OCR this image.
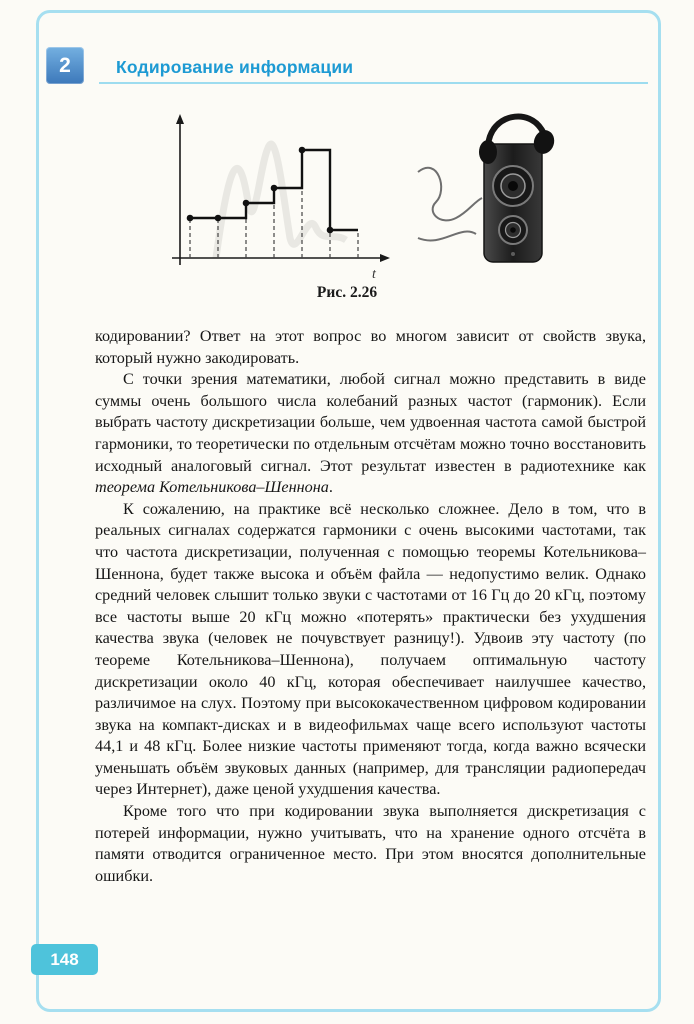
2	Кодирование информации
t
Рис. 2.26

кодировании? Ответ на этот вопрос во многом зависит от свойств звука, который нужно закодировать.

С точки зрения математики, любой сигнал можно представить в виде суммы очень большого числа колебаний разных частот (гармоник). Если выбрать частоту дискретизации больше, чем удвоенная частота самой быстрой гармоники, то теоретически по отдельным отсчётам можно точно восстановить исходный аналоговый сигнал. Этот результат известен в радиотехнике как теорема Котельникова–Шеннона.

К сожалению, на практике всё несколько сложнее. Дело в том, что в реальных сигналах содержатся гармоники с очень высокими частотами, так что частота дискретизации, полученная с помощью теоремы Котельникова–Шеннона, будет также высока и объём файла — недопустимо велик. Однако средний человек слышит только звуки с частотами от 16 Гц до 20 кГц, поэтому все частоты выше 20 кГц можно «потерять» практически без ухудшения качества звука (человек не почувствует разницу!). Удвоив эту частоту (по теореме Котельникова–Шеннона), получаем оптимальную частоту дискретизации около 40 кГц, которая обеспечивает наилучшее качество, различимое на слух. Поэтому при высококачественном цифровом кодировании звука на компакт-дисках и в видеофильмах чаще всего используют частоты 44,1 и 48 кГц. Более низкие частоты применяют тогда, когда важно всячески уменьшать объём звуковых данных (например, для трансляции радиопередач через Интернет), даже ценой ухудшения качества.

Кроме того что при кодировании звука выполняется дискретизация с потерей информации, нужно учитывать, что на хранение одного отсчёта в памяти отводится ограниченное место. При этом вносятся дополнительные ошибки.

148
